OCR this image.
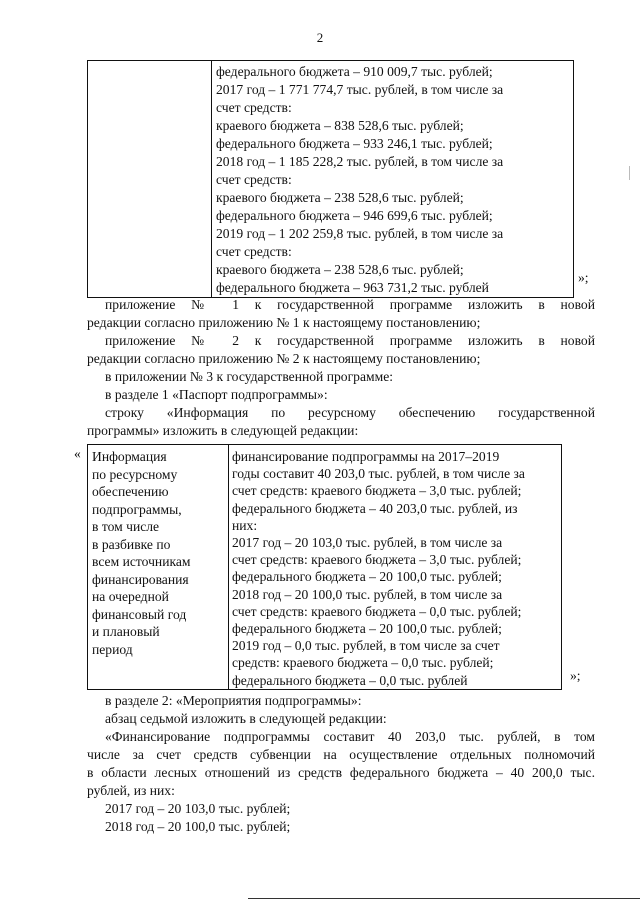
2

федерального бюджета – 910 009,7 тыс. рублей;
2017 год – 1 771 774,7 тыс. рублей, в том числе за
счет средств:
краевого бюджета – 838 528,6 тыс. рублей;
федерального бюджета – 933 246,1 тыс. рублей;
2018 год – 1 185 228,2 тыс. рублей, в том числе за
счет средств:
краевого бюджета – 238 528,6 тыс. рублей;
федерального бюджета – 946 699,6 тыс. рублей;
2019 год – 1 202 259,8 тыс. рублей, в том числе за
счет средств:
краевого бюджета – 238 528,6 тыс. рублей;
федерального бюджета – 963 731,2 тыс. рублей
»;
приложение № 1 к государственной программе изложить в новой
редакции согласно приложению № 1 к настоящему постановлению;
приложение № 2 к государственной программе изложить в новой
редакции согласно приложению № 2 к настоящему постановлению;
в приложении № 3 к государственной программе:
в разделе 1 «Паспорт подпрограммы»:
строку «Информация по ресурсному обеспечению государственной
программы» изложить в следующей редакции:
« Информация
по ресурсному
обеспечению
подпрограммы,
в том числе
в разбивке по
всем источникам
финансирования
на очередной
финансовый год
и плановый
период

финансирование подпрограммы на 2017–2019
годы составит 40 203,0 тыс. рублей, в том числе за
счет средств: краевого бюджета – 3,0 тыс. рублей;
федерального бюджета – 40 203,0 тыс. рублей, из
них:
2017 год – 20 103,0 тыс. рублей, в том числе за
счет средств: краевого бюджета – 3,0 тыс. рублей;
федерального бюджета – 20 100,0 тыс. рублей;
2018 год – 20 100,0 тыс. рублей, в том числе за
счет средств: краевого бюджета – 0,0 тыс. рублей;
федерального бюджета – 20 100,0 тыс. рублей;
2019 год – 0,0 тыс. рублей, в том числе за счет
средств: краевого бюджета – 0,0 тыс. рублей;
федерального бюджета – 0,0 тыс. рублей	»;
в разделе 2: «Мероприятия подпрограммы»:
абзац седьмой изложить в следующей редакции:
«Финансирование подпрограммы составит 40 203,0 тыс. рублей, в том
числе за счет средств субвенции на осуществление отдельных полномочий
в области лесных отношений из средств федерального бюджета – 40 200,0 тыс.
рублей, из них:
2017 год – 20 103,0 тыс. рублей;
2018 год – 20 100,0 тыс. рублей;
